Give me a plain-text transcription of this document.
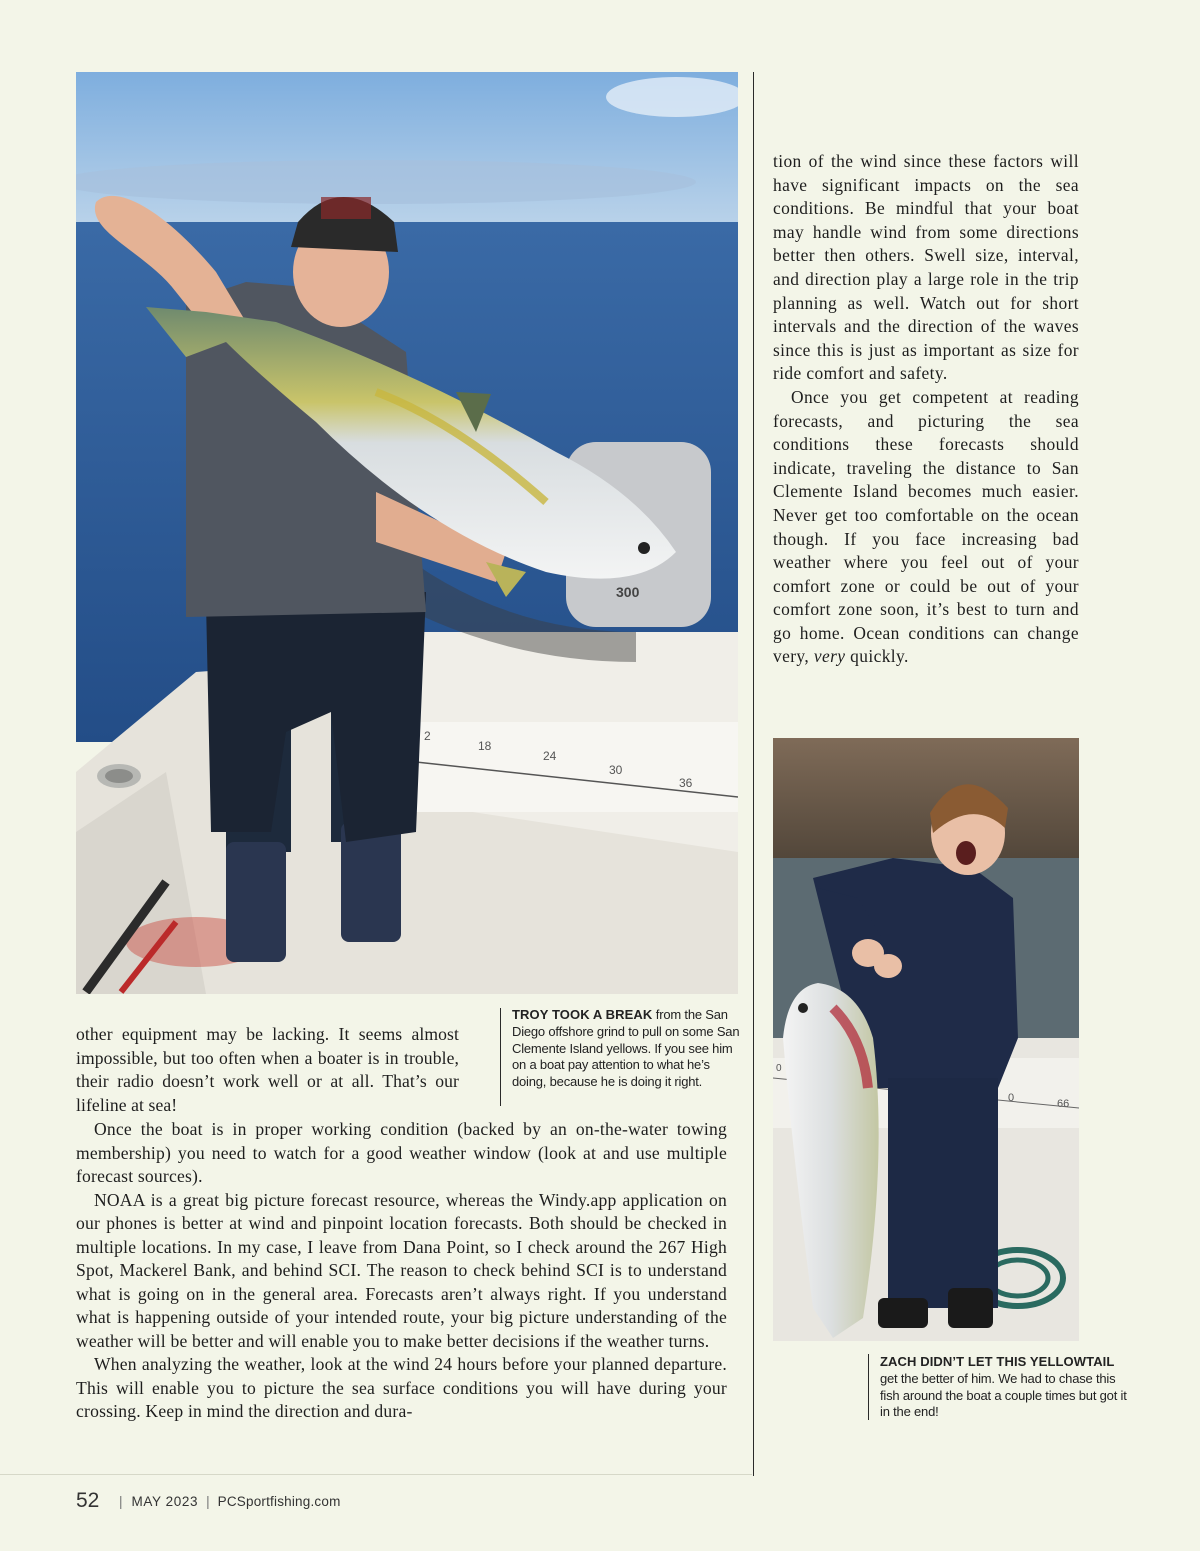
2
18
24
30
36
300
0
0	66

tion of the wind since these factors will have significant impacts on the sea conditions. Be mindful that your boat may handle wind from some directions better then others. Swell size, interval, and direction play a large role in the trip planning as well. Watch out for short intervals and the direction of the waves since this is just as important as size for ride comfort and safety.

Once you get competent at reading forecasts, and picturing the sea conditions these forecasts should indicate, traveling the distance to San Clemente Island becomes much easier. Never get too comfortable on the ocean though. If you face increasing bad weather where you feel out of your comfort zone or could be out of your comfort zone soon, it’s best to turn and go home. Ocean conditions can change very, very quickly.

other equipment may be lacking. It seems almost impossible, but too often when a boater is in trouble, their radio doesn’t work well or at all. That’s our lifeline at sea!

Once the boat is in proper working condition (backed by an on-the-water towing membership) you need to watch for a good weather window (look at and use multiple forecast sources).

NOAA is a great big picture forecast resource, whereas the Windy.app application on our phones is better at wind and pinpoint location forecasts. Both should be checked in multiple locations. In my case, I leave from Dana Point, so I check around the 267 High Spot, Mackerel Bank, and behind SCI. The reason to check behind SCI is to understand what is going on in the general area. Forecasts aren’t always right. If you understand what is happening outside of your intended route, your big picture understanding of the weather will be better and will enable you to make better decisions if the weather turns.

When analyzing the weather, look at the wind 24 hours before your planned departure. This will enable you to picture the sea surface conditions you will have during your crossing. Keep in mind the direction and dura-

TROY TOOK A BREAK from the San Diego offshore grind to pull on some San Clemente Island yellows. If you see him on a boat pay attention to what he’s doing, because he is doing it right.
ZACH DIDN’T LET THIS YELLOWTAIL get the better of him. We had to chase this fish around the boat a couple times but got it in the end!
52	| MAY 2023 | PCSportfishing.com
